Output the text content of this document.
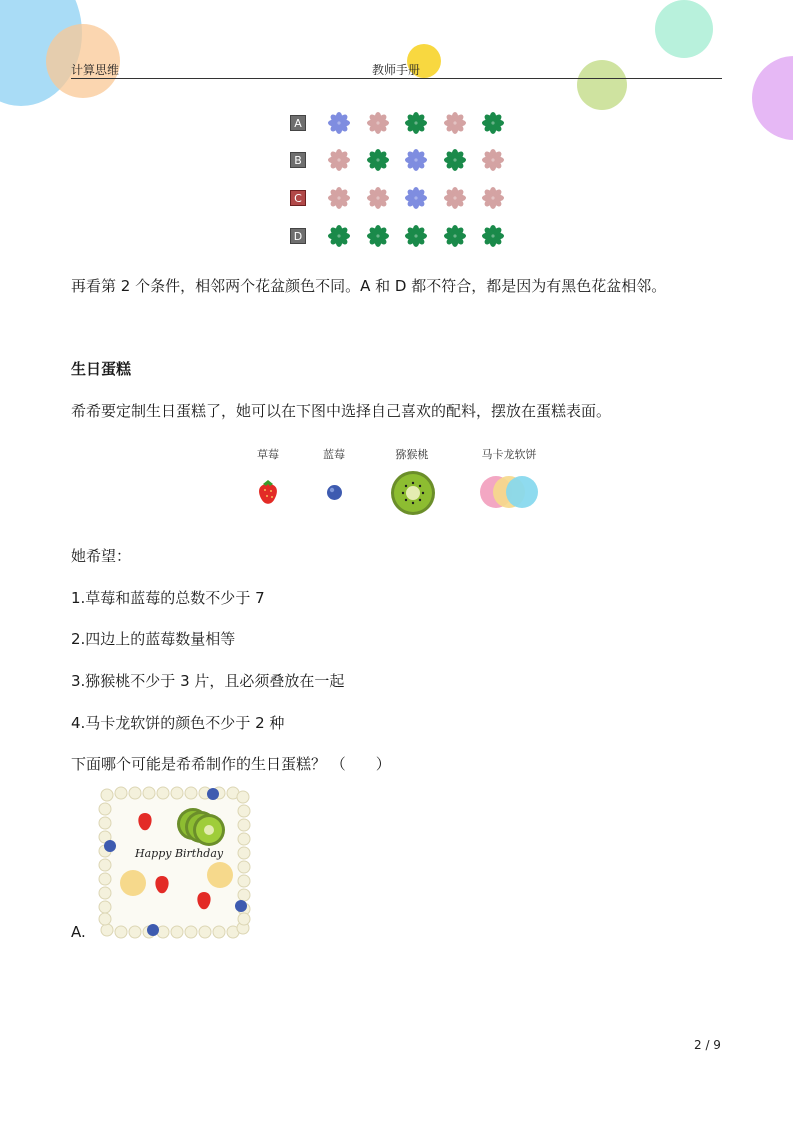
计算思维	教师手册
A
B
C
D
再看第 2 个条件，相邻两个花盆颜色不同。A 和 D 都不符合，都是因为有黑色花盆相邻。
生日蛋糕
希希要定制生日蛋糕了，她可以在下图中选择自己喜欢的配料，摆放在蛋糕表面。
草莓	蓝莓	猕猴桃	马卡龙软饼
她希望：
1.草莓和蓝莓的总数不少于 7
2.四边上的蓝莓数量相等
3.猕猴桃不少于 3 片，且必须叠放在一起
4.马卡龙软饼的颜色不少于 2 种
下面哪个可能是希希制作的生日蛋糕？ （　　）
A.
Happy Birthday
2 / 9
